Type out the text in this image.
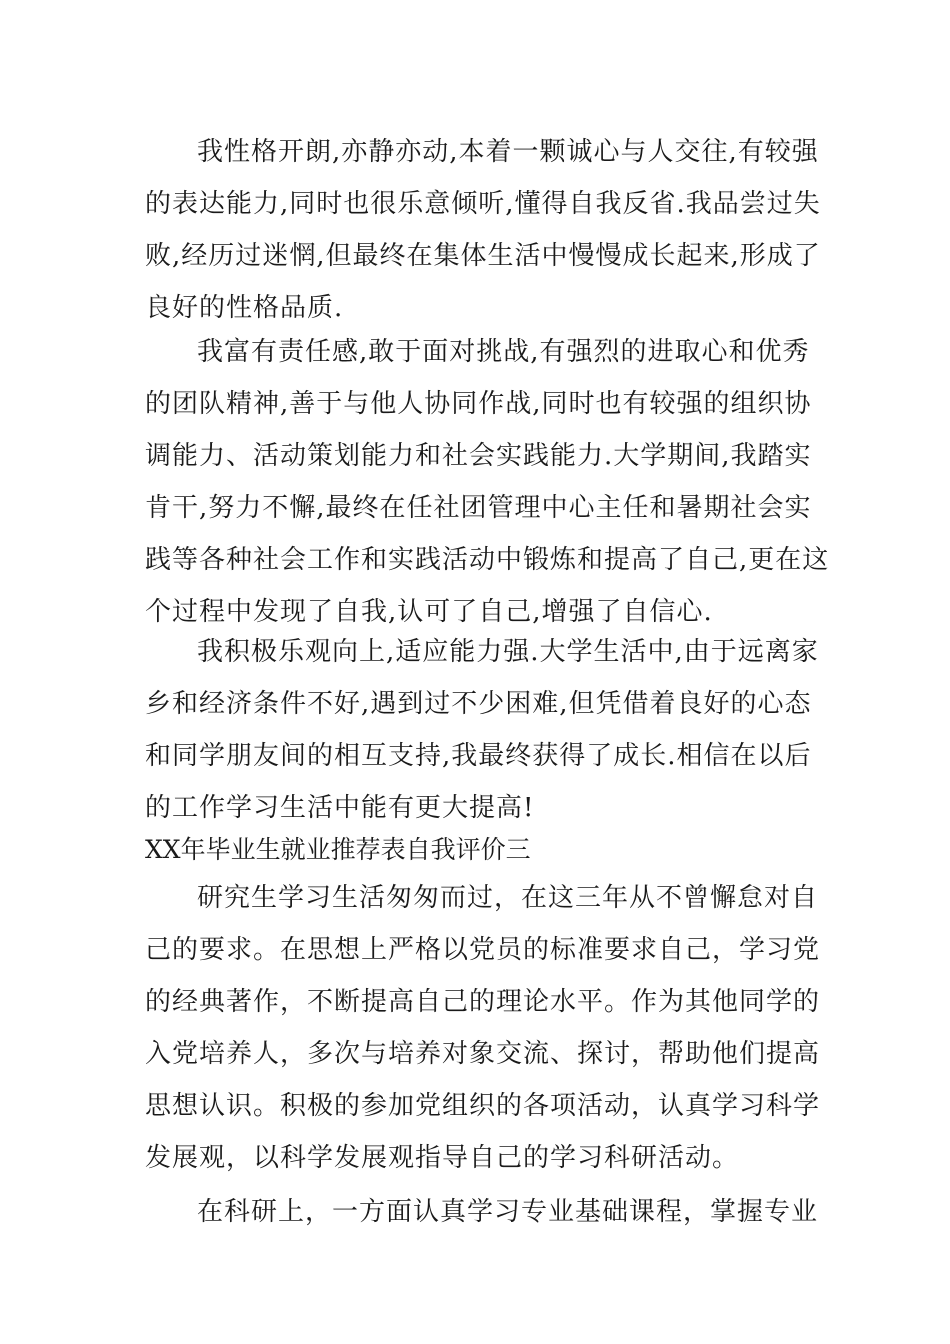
我性格开朗,亦静亦动,本着一颗诚心与人交往,有较强
的表达能力,同时也很乐意倾听,懂得自我反省.我品尝过失
败,经历过迷惘,但最终在集体生活中慢慢成长起来,形成了
良好的性格品质.
我富有责任感,敢于面对挑战,有强烈的进取心和优秀
的团队精神,善于与他人协同作战,同时也有较强的组织协
调能力、活动策划能力和社会实践能力.大学期间,我踏实
肯干,努力不懈,最终在任社团管理中心主任和暑期社会实
践等各种社会工作和实践活动中锻炼和提高了自己,更在这
个过程中发现了自我,认可了自己,增强了自信心.
我积极乐观向上,适应能力强.大学生活中,由于远离家
乡和经济条件不好,遇到过不少困难,但凭借着良好的心态
和同学朋友间的相互支持,我最终获得了成长.相信在以后
的工作学习生活中能有更大提高!
XX年毕业生就业推荐表自我评价三
研究生学习生活匆匆而过，在这三年从不曾懈怠对自
己的要求。在思想上严格以党员的标准要求自己，学习党
的经典著作，不断提高自己的理论水平。作为其他同学的
入党培养人，多次与培养对象交流、探讨，帮助他们提高
思想认识。积极的参加党组织的各项活动，认真学习科学
发展观，以科学发展观指导自己的学习科研活动。
在科研上，一方面认真学习专业基础课程，掌握专业
